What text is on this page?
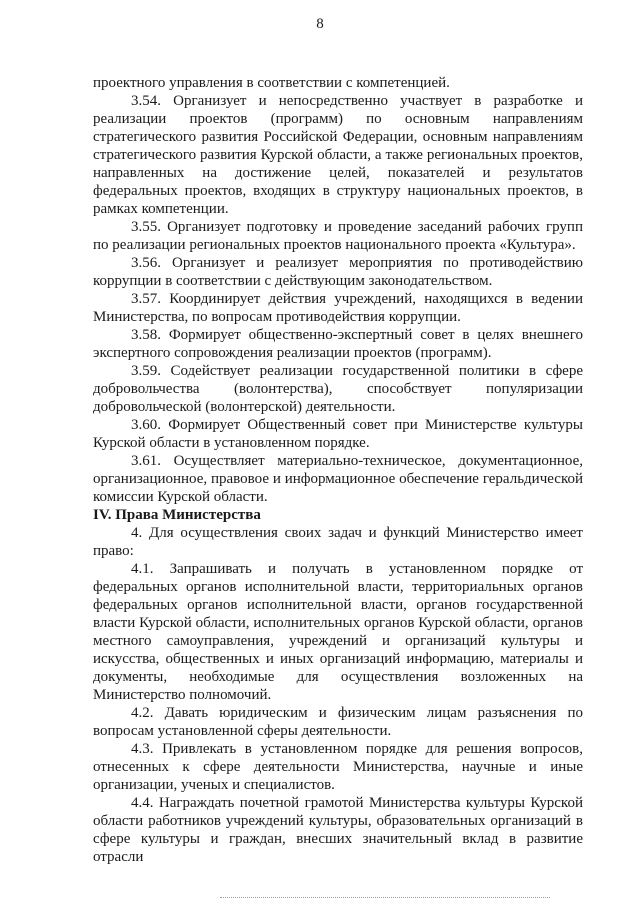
8

проектного управления в соответствии с компетенцией.

3.54. Организует и непосредственно участвует в разработке и реализации проектов (программ) по основным направлениям стратегического развития Российской Федерации, основным направлениям стратегического развития Курской области, а также региональных проектов, направленных на достижение целей, показателей и результатов федеральных проектов, входящих в структуру национальных проектов, в рамках компетенции.

3.55. Организует подготовку и проведение заседаний рабочих групп по реализации региональных проектов национального проекта «Культура».

3.56. Организует и реализует мероприятия по противодействию коррупции в соответствии с действующим законодательством.

3.57. Координирует действия учреждений, находящихся в ведении Министерства, по вопросам противодействия коррупции.

3.58. Формирует общественно-экспертный совет в целях внешнего экспертного сопровождения реализации проектов (программ).

3.59. Содействует реализации государственной политики в сфере добровольчества (волонтерства), способствует популяризации добровольческой (волонтерской) деятельности.

3.60. Формирует Общественный совет при Министерстве культуры Курской области в установленном порядке.

3.61. Осуществляет материально-техническое, документационное, организационное, правовое и информационное обеспечение геральдической комиссии Курской области.

IV. Права Министерства

4. Для осуществления своих задач и функций Министерство имеет право:

4.1. Запрашивать и получать в установленном порядке от федеральных органов исполнительной власти, территориальных органов федеральных органов исполнительной власти, органов государственной власти Курской области, исполнительных органов Курской области, органов местного самоуправления, учреждений и организаций культуры и искусства, общественных и иных организаций информацию, материалы и документы, необходимые для осуществления возложенных на Министерство полномочий.

4.2. Давать юридическим и физическим лицам разъяснения по вопросам установленной сферы деятельности.

4.3. Привлекать в установленном порядке для решения вопросов, отнесенных к сфере деятельности Министерства, научные и иные организации, ученых и специалистов.

4.4. Награждать почетной грамотой Министерства культуры Курской области работников учреждений культуры, образовательных организаций в сфере культуры и граждан, внесших значительный вклад в развитие отрасли
